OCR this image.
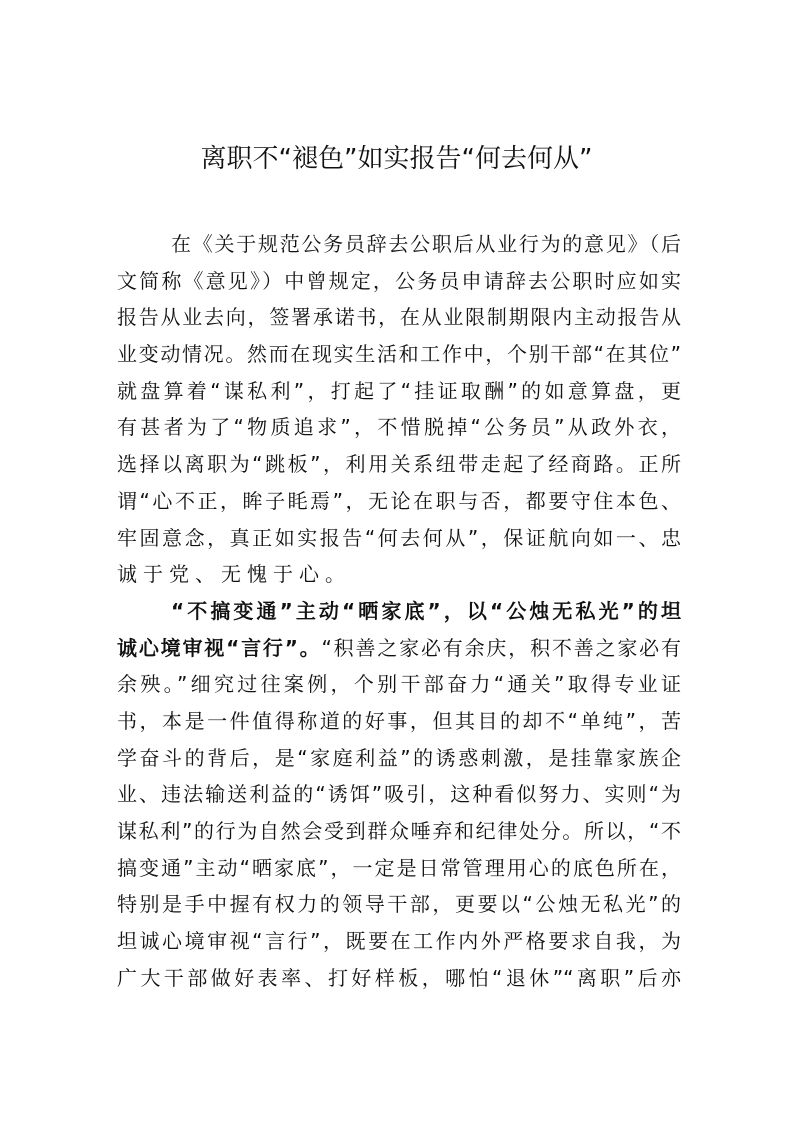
离职不“褪色”如实报告“何去何从”
在《关于规范公务员辞去公职后从业行为的意见》（后
文简称《意见》）中曾规定，公务员申请辞去公职时应如实
报告从业去向，签署承诺书，在从业限制期限内主动报告从
业变动情况。然而在现实生活和工作中，个别干部“在其位”
就盘算着“谋私利”，打起了“挂证取酬”的如意算盘，更
有甚者为了“物质追求”，不惜脱掉“公务员”从政外衣，
选择以离职为“跳板”，利用关系纽带走起了经商路。正所
谓“心不正，眸子眊焉”，无论在职与否，都要守住本色、
牢固意念，真正如实报告“何去何从”，保证航向如一、忠
诚于党、无愧于心。
“不搞变通”主动“晒家底”，以“公烛无私光”的坦
诚心境审视“言行”。“积善之家必有余庆，积不善之家必有
余殃。”细究过往案例，个别干部奋力“通关”取得专业证
书，本是一件值得称道的好事，但其目的却不“单纯”，苦
学奋斗的背后，是“家庭利益”的诱惑刺激，是挂靠家族企
业、违法输送利益的“诱饵”吸引，这种看似努力、实则“为
谋私利”的行为自然会受到群众唾弃和纪律处分。所以，“不
搞变通”主动“晒家底”，一定是日常管理用心的底色所在，
特别是手中握有权力的领导干部，更要以“公烛无私光”的
坦诚心境审视“言行”，既要在工作内外严格要求自我，为
广大干部做好表率、打好样板，哪怕“退休”“离职”后亦
